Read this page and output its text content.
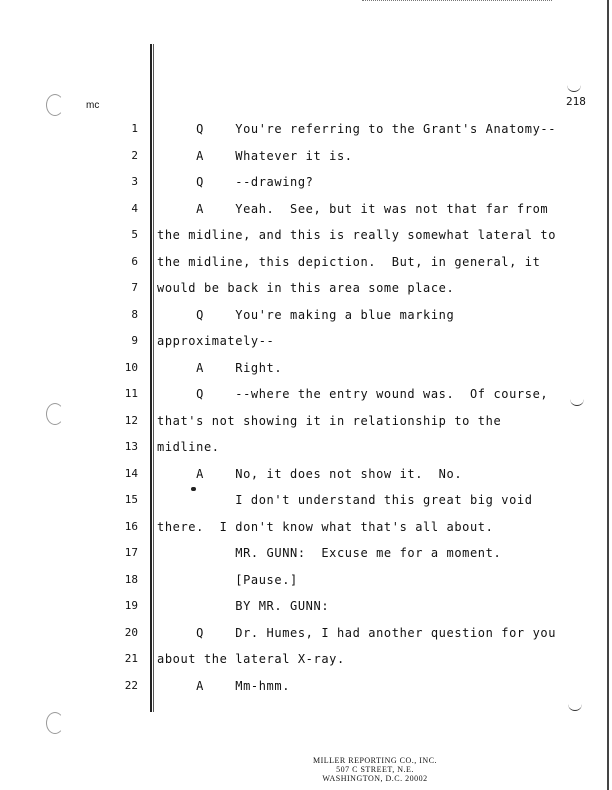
mc	218
1
2
3
4
5
6
7
8
9
10
11
12
13
14
15
16
17
18
19
20
21
22
Q    You're referring to the Grant's Anatomy--
A    Whatever it is.
Q    --drawing?
A    Yeah.  See, but it was not that far from
the midline, and this is really somewhat lateral to
the midline, this depiction.  But, in general, it
would be back in this area some place.
Q    You're making a blue marking
approximately--
A    Right.
Q    --where the entry wound was.  Of course,
that's not showing it in relationship to the
midline.
A    No, it does not show it.  No.
I don't understand this great big void
there.  I don't know what that's all about.
MR. GUNN:  Excuse me for a moment.
[Pause.]
BY MR. GUNN:
Q    Dr. Humes, I had another question for you
about the lateral X-ray.
A    Mm-hmm.
MILLER REPORTING CO., INC.
507 C STREET, N.E.
WASHINGTON, D.C. 20002
